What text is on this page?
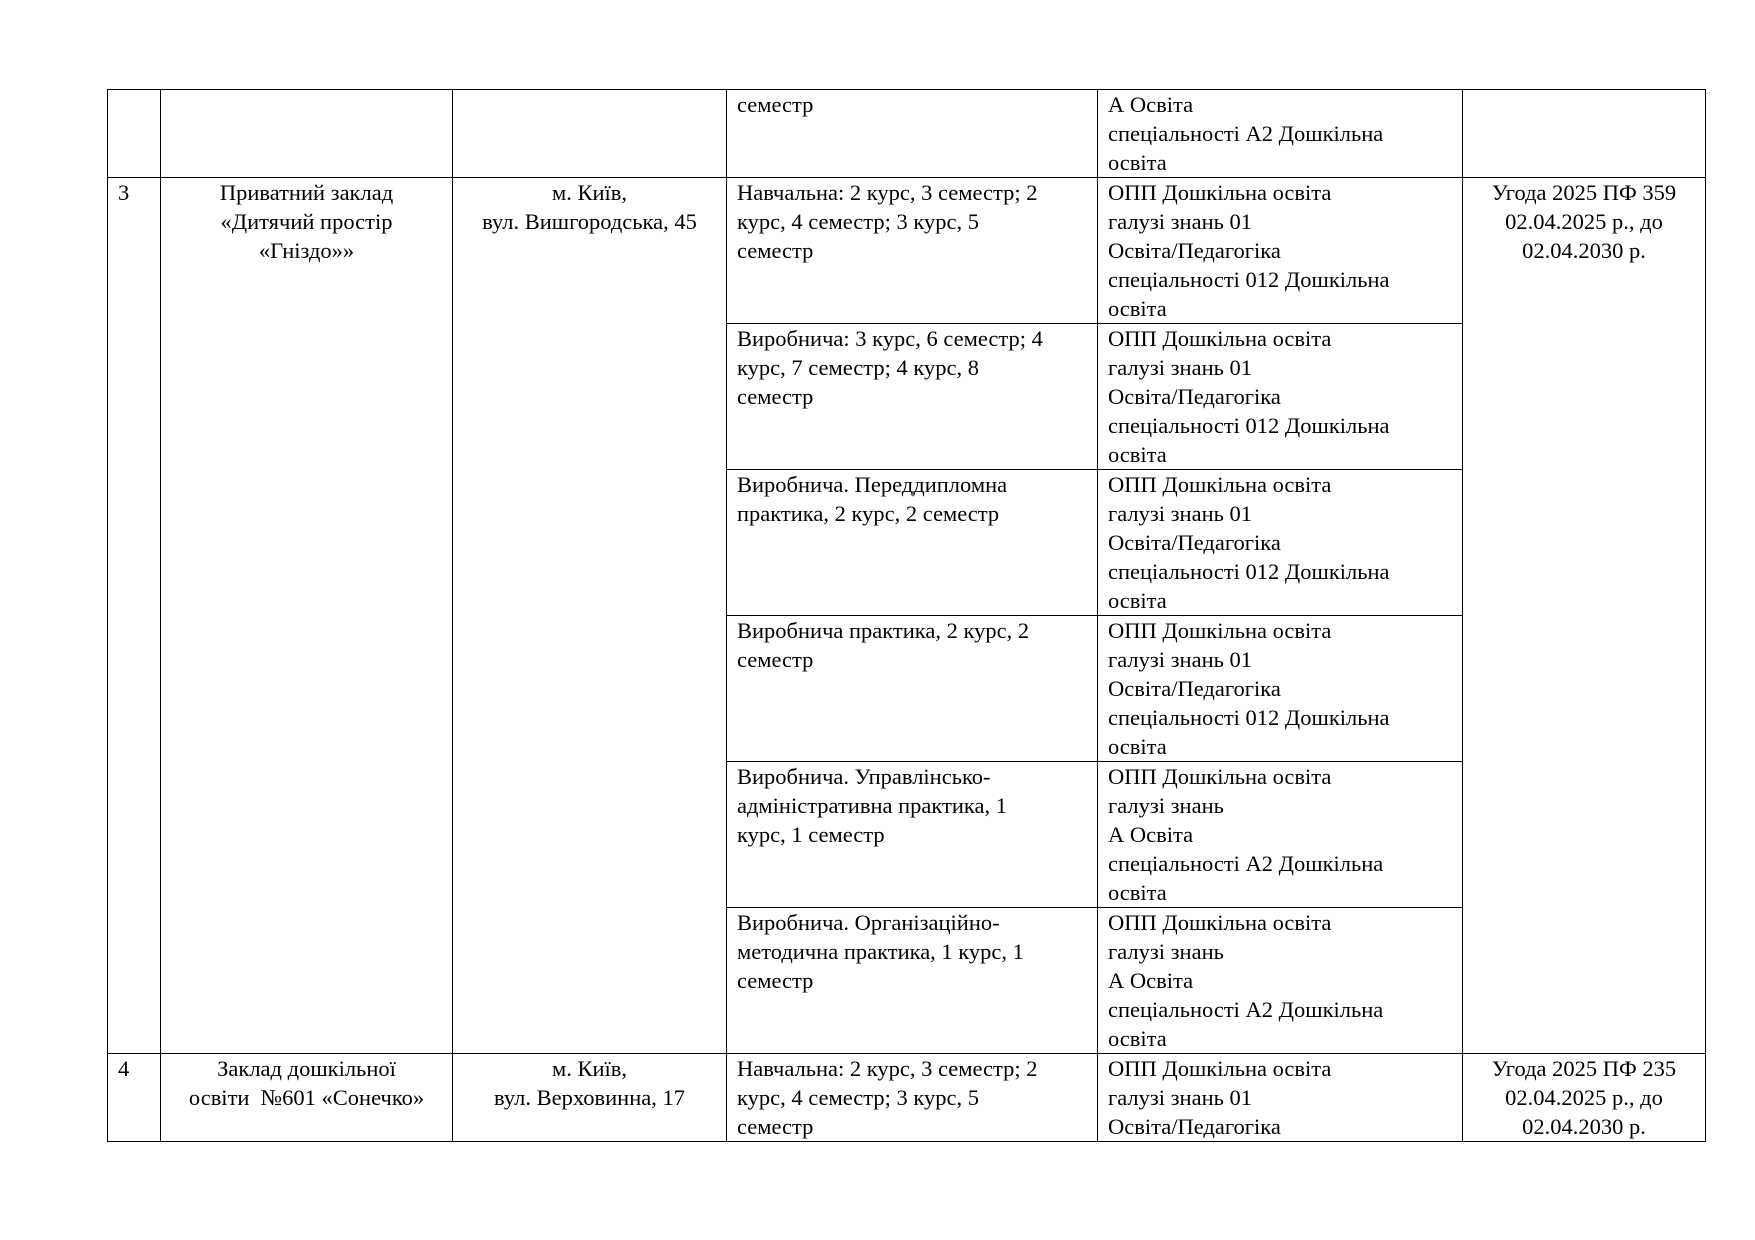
			семестр	А Освіта
спеціальності А2 Дошкільна
освіта	

3	Приватний заклад
«Дитячий простір
«Гніздо»»	м. Київ,
вул. Вишгородська, 45	Навчальна: 2 курс, 3 семестр; 2
курс, 4 семестр; 3 курс, 5
семестр	ОПП Дошкільна освіта
галузі знань 01
Освіта/Педагогіка
спеціальності 012 Дошкільна
освіта	Угода 2025 ПФ 359
02.04.2025 р., до
02.04.2030 р.

			Виробнича: 3 курс, 6 семестр; 4
курс, 7 семестр; 4 курс, 8
семестр	ОПП Дошкільна освіта
галузі знань 01
Освіта/Педагогіка
спеціальності 012 Дошкільна
освіта	

			Виробнича. Переддипломна
практика, 2 курс, 2 семестр	ОПП Дошкільна освіта
галузі знань 01
Освіта/Педагогіка
спеціальності 012 Дошкільна
освіта	

			Виробнича практика, 2 курс, 2
семестр	ОПП Дошкільна освіта
галузі знань 01
Освіта/Педагогіка
спеціальності 012 Дошкільна
освіта	

			Виробнича. Управлінсько-
адміністративна практика, 1
курс, 1 семестр	ОПП Дошкільна освіта
галузі знань
А Освіта
спеціальності А2 Дошкільна
освіта	

			Виробнича. Організаційно-
методична практика, 1 курс, 1
семестр	ОПП Дошкільна освіта
галузі знань
А Освіта
спеціальності А2 Дошкільна
освіта	

4	Заклад дошкільної
освіти  №601 «Сонечко»	м. Київ,
вул. Верховинна, 17	Навчальна: 2 курс, 3 семестр; 2
курс, 4 семестр; 3 курс, 5
семестр	ОПП Дошкільна освіта
галузі знань 01
Освіта/Педагогіка	Угода 2025 ПФ 235
02.04.2025 р., до
02.04.2030 р.
